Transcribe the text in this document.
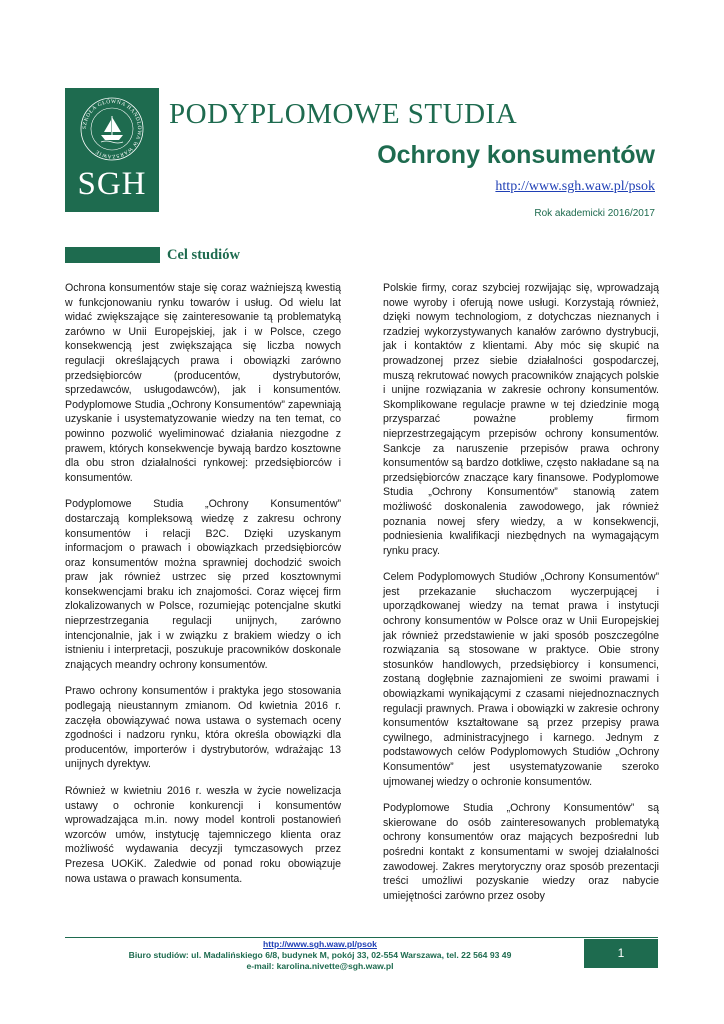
SZKOŁA GŁÓWNA HANDLOWA W WARSZAWIE
SGH
PODYPLOMOWE STUDIA
Ochrony konsumentów
http://www.sgh.waw.pl/psok
Rok akademicki 2016/2017
Cel studiów

Ochrona konsumentów staje się coraz ważniejszą kwestią w funkcjonowaniu rynku towarów i usług. Od wielu lat widać zwiększające się zainteresowanie tą problematyką zarówno w Unii Europejskiej, jak i w Polsce, czego konsekwencją jest zwiększająca się liczba nowych regulacji określających prawa i obowiązki zarówno przedsiębiorców (producentów, dystrybutorów, sprzedawców, usługodawców), jak i konsumentów. Podyplomowe Studia „Ochrony Konsumentów” zapewniają uzyskanie i usystematyzowanie wiedzy na ten temat, co powinno pozwolić wyeliminować działania niezgodne z prawem, których konsekwencje bywają bardzo kosztowne dla obu stron działalności rynkowej: przedsiębiorców i konsumentów.

Podyplomowe Studia „Ochrony Konsumentów” dostarczają kompleksową wiedzę z zakresu ochrony konsumentów i relacji B2C. Dzięki uzyskanym informacjom o prawach i obowiązkach przedsiębiorców oraz konsumentów można sprawniej dochodzić swoich praw jak również ustrzec się przed kosztownymi konsekwencjami braku ich znajomości. Coraz więcej firm zlokalizowanych w Polsce, rozumiejąc potencjalne skutki nieprzestrzegania regulacji unijnych, zarówno intencjonalnie, jak i w związku z brakiem wiedzy o ich istnieniu i interpretacji, poszukuje pracowników doskonale znających meandry ochrony konsumentów.

Prawo ochrony konsumentów i praktyka jego stosowania podlegają nieustannym zmianom. Od kwietnia 2016 r. zaczęła obowiązywać nowa ustawa o systemach oceny zgodności i nadzoru rynku, która określa obowiązki dla producentów, importerów i dystrybutorów, wdrażając 13 unijnych dyrektyw.

Również w kwietniu 2016 r. weszła w życie nowelizacja ustawy o ochronie konkurencji i konsumentów wprowadzająca m.in. nowy model kontroli postanowień wzorców umów, instytucję tajemniczego klienta oraz możliwość wydawania decyzji tymczasowych przez Prezesa UOKiK. Zaledwie od ponad roku obowiązuje nowa ustawa o prawach konsumenta.

Polskie firmy, coraz szybciej rozwijając się, wprowadzają nowe wyroby i oferują nowe usługi. Korzystają również, dzięki nowym technologiom, z dotychczas nieznanych i rzadziej wykorzystywanych kanałów zarówno dystrybucji, jak i kontaktów z klientami. Aby móc się skupić na prowadzonej przez siebie działalności gospodarczej, muszą rekrutować nowych pracowników znających polskie i unijne rozwiązania w zakresie ochrony konsumentów. Skomplikowane regulacje prawne w tej dziedzinie mogą przysparzać poważne problemy firmom nieprzestrzegającym przepisów ochrony konsumentów. Sankcje za naruszenie przepisów prawa ochrony konsumentów są bardzo dotkliwe, często nakładane są na przedsiębiorców znaczące kary finansowe. Podyplomowe Studia „Ochrony Konsumentów” stanowią zatem możliwość doskonalenia zawodowego, jak również poznania nowej sfery wiedzy, a w konsekwencji, podniesienia kwalifikacji niezbędnych na wymagającym rynku pracy.

Celem Podyplomowych Studiów „Ochrony Konsumentów” jest przekazanie słuchaczom wyczerpującej i uporządkowanej wiedzy na temat prawa i instytucji ochrony konsumentów w Polsce oraz w Unii Europejskiej jak również przedstawienie w jaki sposób poszczególne rozwiązania są stosowane w praktyce. Obie strony stosunków handlowych, przedsiębiorcy i konsumenci, zostaną dogłębnie zaznajomieni ze swoimi prawami i obowiązkami wynikającymi z czasami niejednoznacznych regulacji prawnych. Prawa i obowiązki w zakresie ochrony konsumentów kształtowane są przez przepisy prawa cywilnego, administracyjnego i karnego. Jednym z podstawowych celów Podyplomowych Studiów „Ochrony Konsumentów” jest usystematyzowanie szeroko ujmowanej wiedzy o ochronie konsumentów.

Podyplomowe Studia „Ochrony Konsumentów” są skierowane do osób zainteresowanych problematyką ochrony konsumentów oraz mających bezpośredni lub pośredni kontakt z konsumentami w swojej działalności zawodowej. Zakres merytoryczny oraz sposób prezentacji treści umożliwi pozyskanie wiedzy oraz nabycie umiejętności zarówno przez osoby

http://www.sgh.waw.pl/psok
Biuro studiów: ul. Madalińskiego 6/8, budynek M, pokój 33, 02-554 Warszawa, tel. 22 564 93 49
e-mail: karolina.nivette@sgh.waw.pl
1
